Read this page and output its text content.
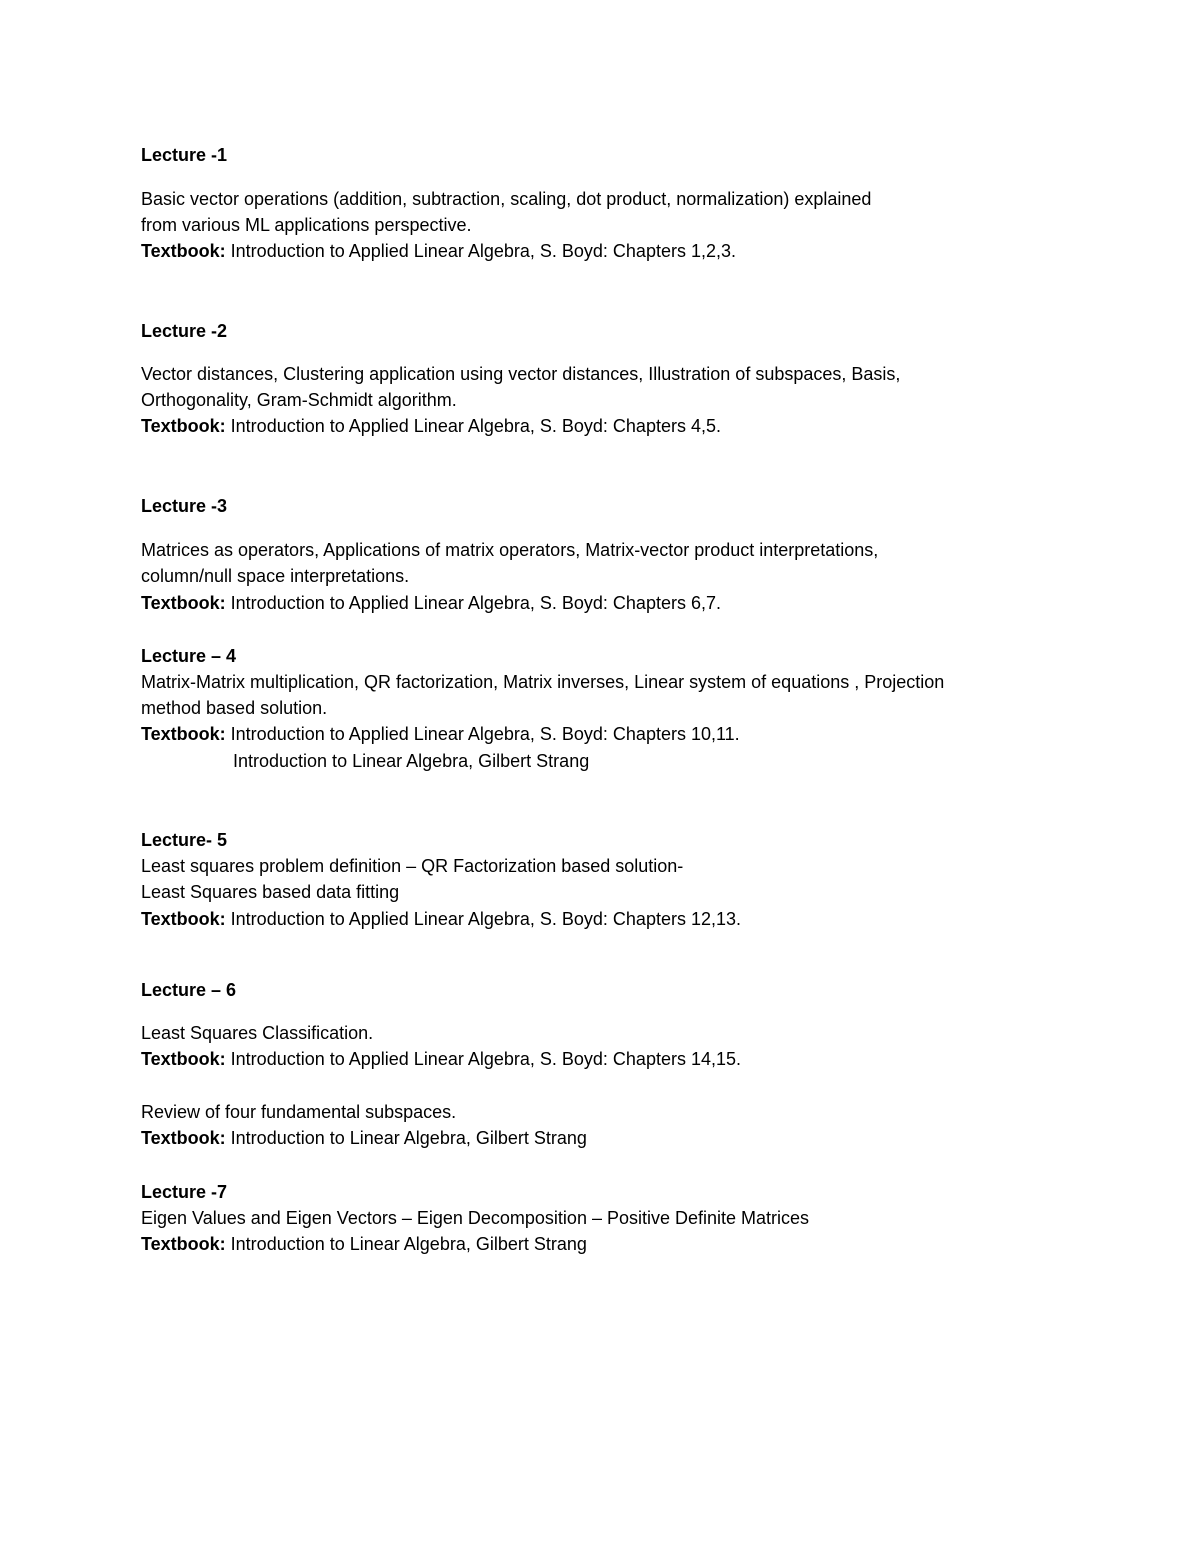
Lecture -1
Basic vector operations (addition, subtraction, scaling, dot product, normalization) explained
from various ML applications perspective.
Textbook: Introduction to Applied Linear Algebra, S. Boyd: Chapters 1,2,3.
Lecture -2
Vector distances, Clustering application using vector distances, Illustration of subspaces, Basis,
Orthogonality, Gram-Schmidt algorithm.
Textbook: Introduction to Applied Linear Algebra, S. Boyd: Chapters 4,5.
Lecture -3
Matrices as operators, Applications of matrix operators, Matrix-vector product interpretations,
column/null space interpretations.
Textbook: Introduction to Applied Linear Algebra, S. Boyd: Chapters 6,7.
Lecture – 4
Matrix-Matrix multiplication, QR factorization, Matrix inverses, Linear system of equations , Projection
method based solution.
Textbook: Introduction to Applied Linear Algebra, S. Boyd: Chapters 10,11.
Introduction to Linear Algebra, Gilbert Strang
Lecture- 5
Least squares problem definition – QR Factorization based solution-
Least Squares based data fitting
Textbook: Introduction to Applied Linear Algebra, S. Boyd: Chapters 12,13.
Lecture – 6
Least Squares Classification.
Textbook: Introduction to Applied Linear Algebra, S. Boyd: Chapters 14,15.
Review of four fundamental subspaces.
Textbook: Introduction to Linear Algebra, Gilbert Strang
Lecture -7
Eigen Values and Eigen Vectors – Eigen Decomposition – Positive Definite Matrices
Textbook: Introduction to Linear Algebra, Gilbert Strang
